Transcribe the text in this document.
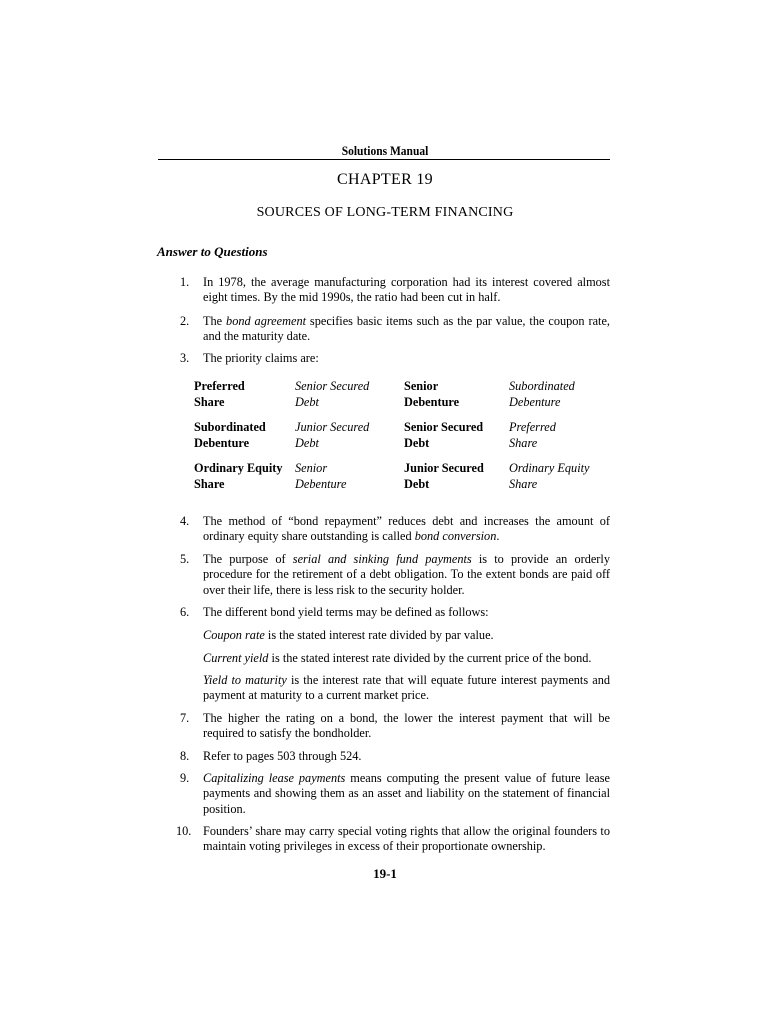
Solutions Manual
CHAPTER 19
SOURCES OF LONG-TERM FINANCING
Answer to Questions
1. In 1978, the average manufacturing corporation had its interest covered almost eight times. By the mid 1990s, the ratio had been cut in half.
2. The bond agreement specifies basic items such as the par value, the coupon rate, and the maturity date.
3. The priority claims are:
Preferred
Share
Senior Secured
Debt
Senior
Debenture
Subordinated
Debenture
Subordinated
Debenture
Junior Secured
Debt
Senior Secured
Debt
Preferred
Share
Ordinary Equity
Share
Senior
Debenture
Junior Secured
Debt
Ordinary Equity
Share
4. The method of “bond repayment” reduces debt and increases the amount of ordinary equity share outstanding is called bond conversion.
5. The purpose of serial and sinking fund payments is to provide an orderly procedure for the retirement of a debt obligation. To the extent bonds are paid off over their life, there is less risk to the security holder.
6. The different bond yield terms may be defined as follows:
Coupon rate is the stated interest rate divided by par value.
Current yield is the stated interest rate divided by the current price of the bond.
Yield to maturity is the interest rate that will equate future interest payments and payment at maturity to a current market price.
7. The higher the rating on a bond, the lower the interest payment that will be required to satisfy the bondholder.
8. Refer to pages 503 through 524.
9. Capitalizing lease payments means computing the present value of future lease payments and showing them as an asset and liability on the statement of financial position.
10. Founders’ share may carry special voting rights that allow the original founders to maintain voting privileges in excess of their proportionate ownership.
19-1
